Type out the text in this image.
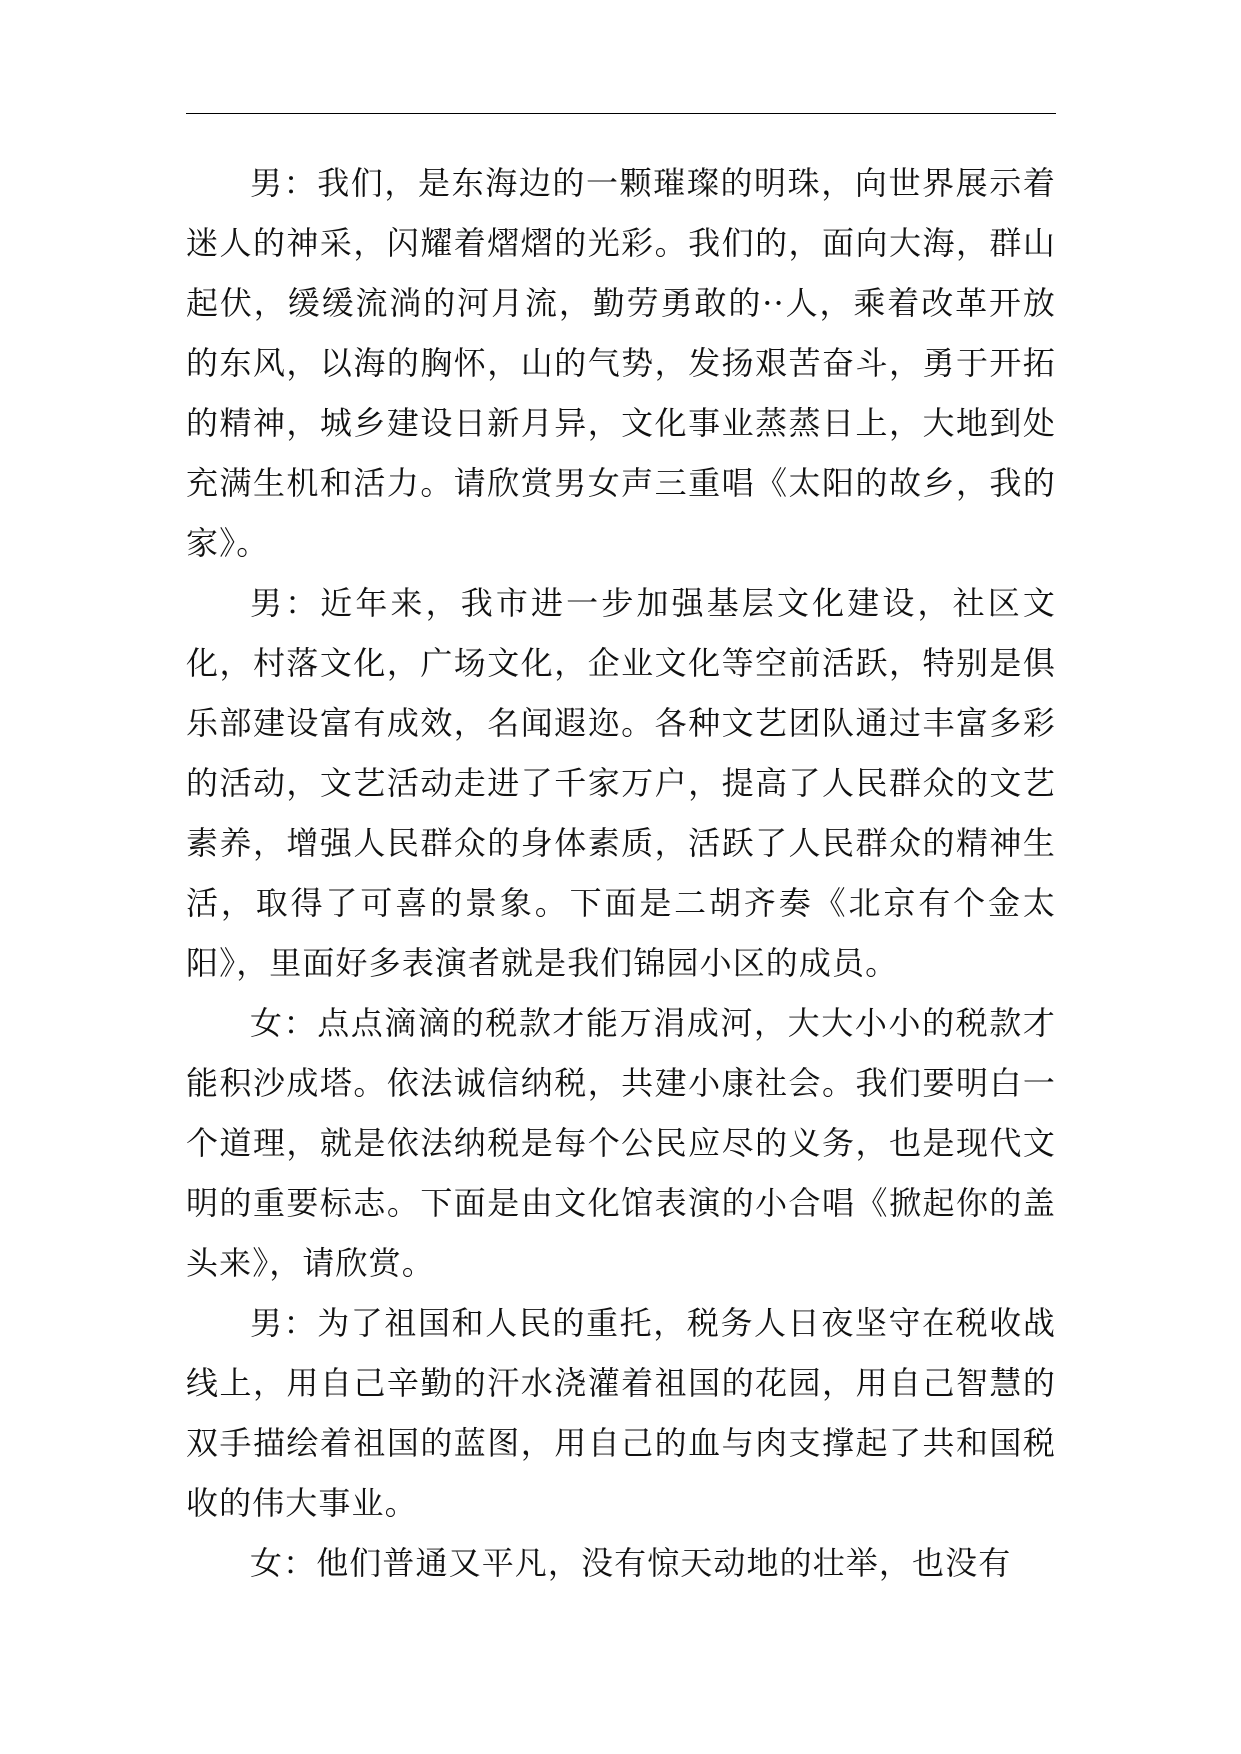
男：我们，是东海边的一颗璀璨的明珠，向世界展示着迷人的神采，闪耀着熠熠的光彩。我们的，面向大海，群山起伏，缓缓流淌的河月流，勤劳勇敢的··人，乘着改革开放的东风，以海的胸怀，山的气势，发扬艰苦奋斗，勇于开拓的精神，城乡建设日新月异，文化事业蒸蒸日上，大地到处充满生机和活力。请欣赏男女声三重唱《太阳的故乡，我的家》。

男：近年来，我市进一步加强基层文化建设，社区文化，村落文化，广场文化，企业文化等空前活跃，特别是俱乐部建设富有成效，名闻遐迩。各种文艺团队通过丰富多彩的活动，文艺活动走进了千家万户，提高了人民群众的文艺素养，增强人民群众的身体素质，活跃了人民群众的精神生活，取得了可喜的景象。下面是二胡齐奏《北京有个金太阳》，里面好多表演者就是我们锦园小区的成员。

女：点点滴滴的税款才能万涓成河，大大小小的税款才能积沙成塔。依法诚信纳税，共建小康社会。我们要明白一个道理，就是依法纳税是每个公民应尽的义务，也是现代文明的重要标志。下面是由文化馆表演的小合唱《掀起你的盖头来》，请欣赏。

男：为了祖国和人民的重托，税务人日夜坚守在税收战线上，用自己辛勤的汗水浇灌着祖国的花园，用自己智慧的双手描绘着祖国的蓝图，用自己的血与肉支撑起了共和国税收的伟大事业。

女：他们普通又平凡，没有惊天动地的壮举，也没有
